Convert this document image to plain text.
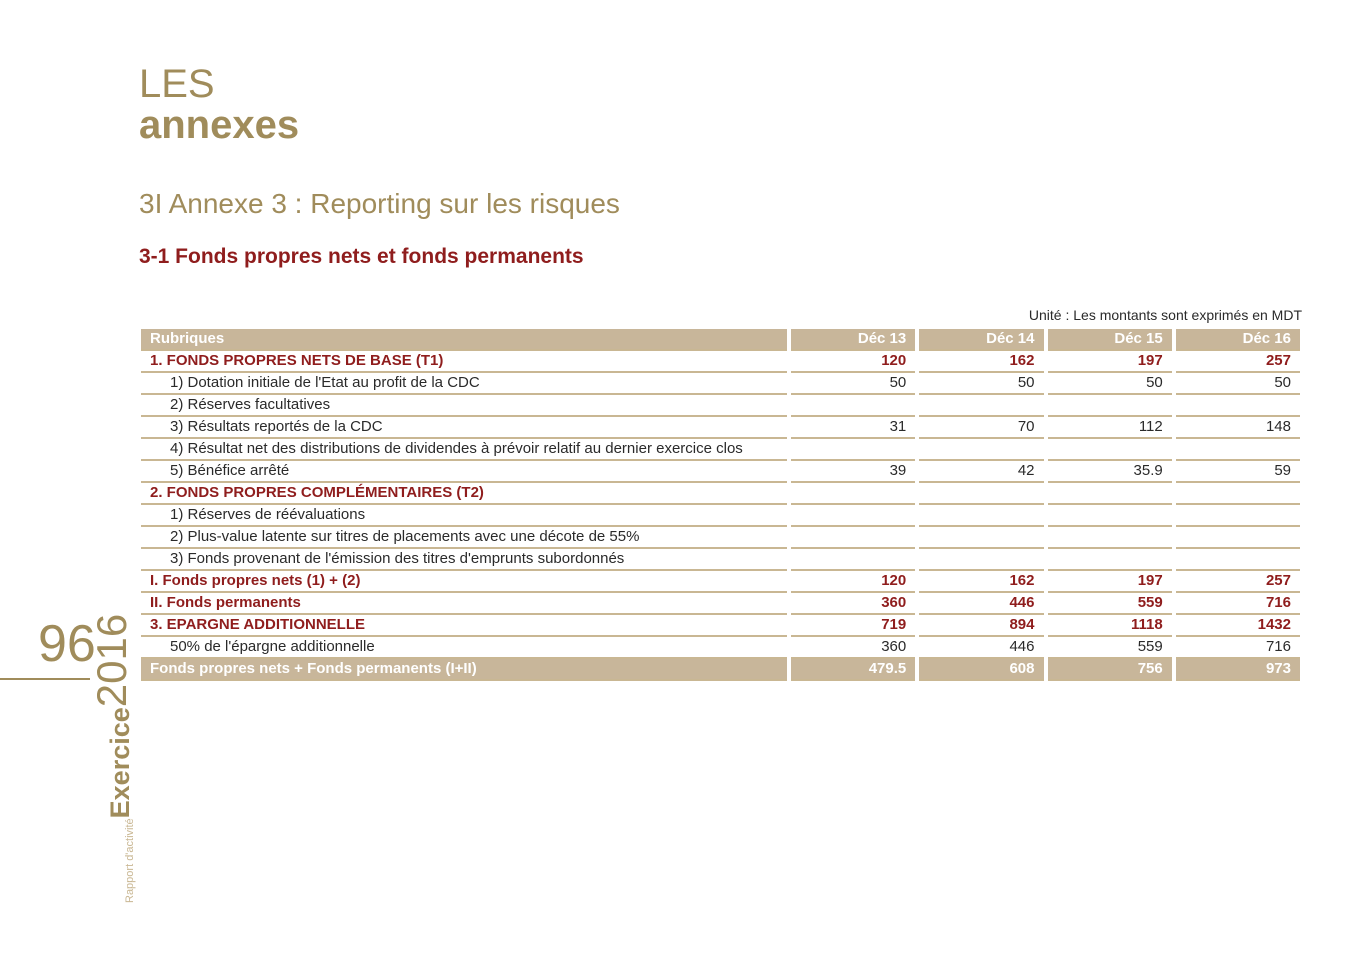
LES
annexes
3I Annexe 3 : Reporting sur les risques
3-1 Fonds propres nets et fonds permanents
Unité : Les montants sont exprimés en MDT
Rubriques	Déc 13	Déc 14	Déc 15	Déc 16
1. FONDS PROPRES NETS DE BASE (T1)	120	162	197	257
1) Dotation initiale de l'Etat au profit de la CDC	50	50	50	50
2) Réserves facultatives				
3) Résultats reportés de la CDC	31	70	112	148
4) Résultat net des distributions de dividendes à prévoir relatif au dernier exercice clos				
5) Bénéfice arrêté	39	42	35.9	59
2. FONDS PROPRES COMPLÉMENTAIRES (T2)				
1) Réserves de réévaluations				
2) Plus-value latente sur titres de placements avec une décote de 55%				
3) Fonds provenant de l'émission des titres d'emprunts subordonnés				
I. Fonds propres nets (1) + (2)	120	162	197	257
II. Fonds permanents	360	446	559	716
3. EPARGNE ADDITIONNELLE	719	894	1118	1432
50% de l'épargne additionnelle	360	446	559	716
Fonds propres nets + Fonds permanents (I+II)	479.5	608	756	973
96
Rapport d'activitéExercice2016
